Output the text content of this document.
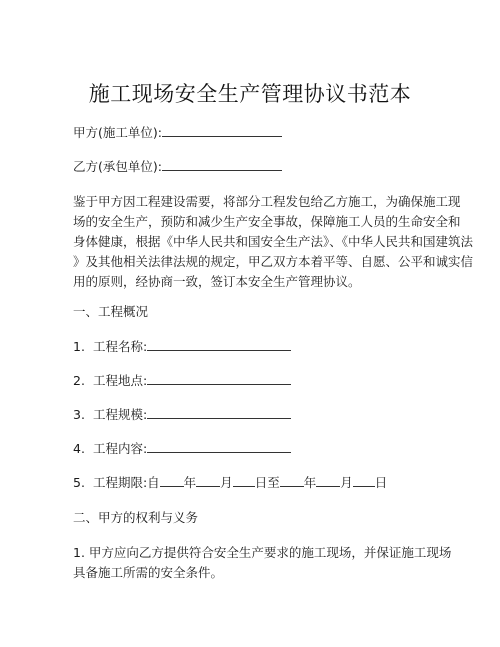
施工现场安全生产管理协议书范本
甲方(施工单位):
乙方(承包单位):
鉴于甲方因工程建设需要，将部分工程发包给乙方施工，为确保施工现
场的安全生产，预防和减少生产安全事故，保障施工人员的生命安全和
身体健康，根据《中华人民共和国安全生产法》、《中华人民共和国建筑法
》及其他相关法律法规的规定，甲乙双方本着平等、自愿、公平和诚实信
用的原则，经协商一致，签订本安全生产管理协议。
一、工程概况
1. 工程名称:
2. 工程地点:
3. 工程规模:
4. 工程内容:
5. 工程期限:自 年 月 日至 年 月 日
二、甲方的权利与义务
1. 甲方应向乙方提供符合安全生产要求的施工现场，并保证施工现场
具备施工所需的安全条件。
